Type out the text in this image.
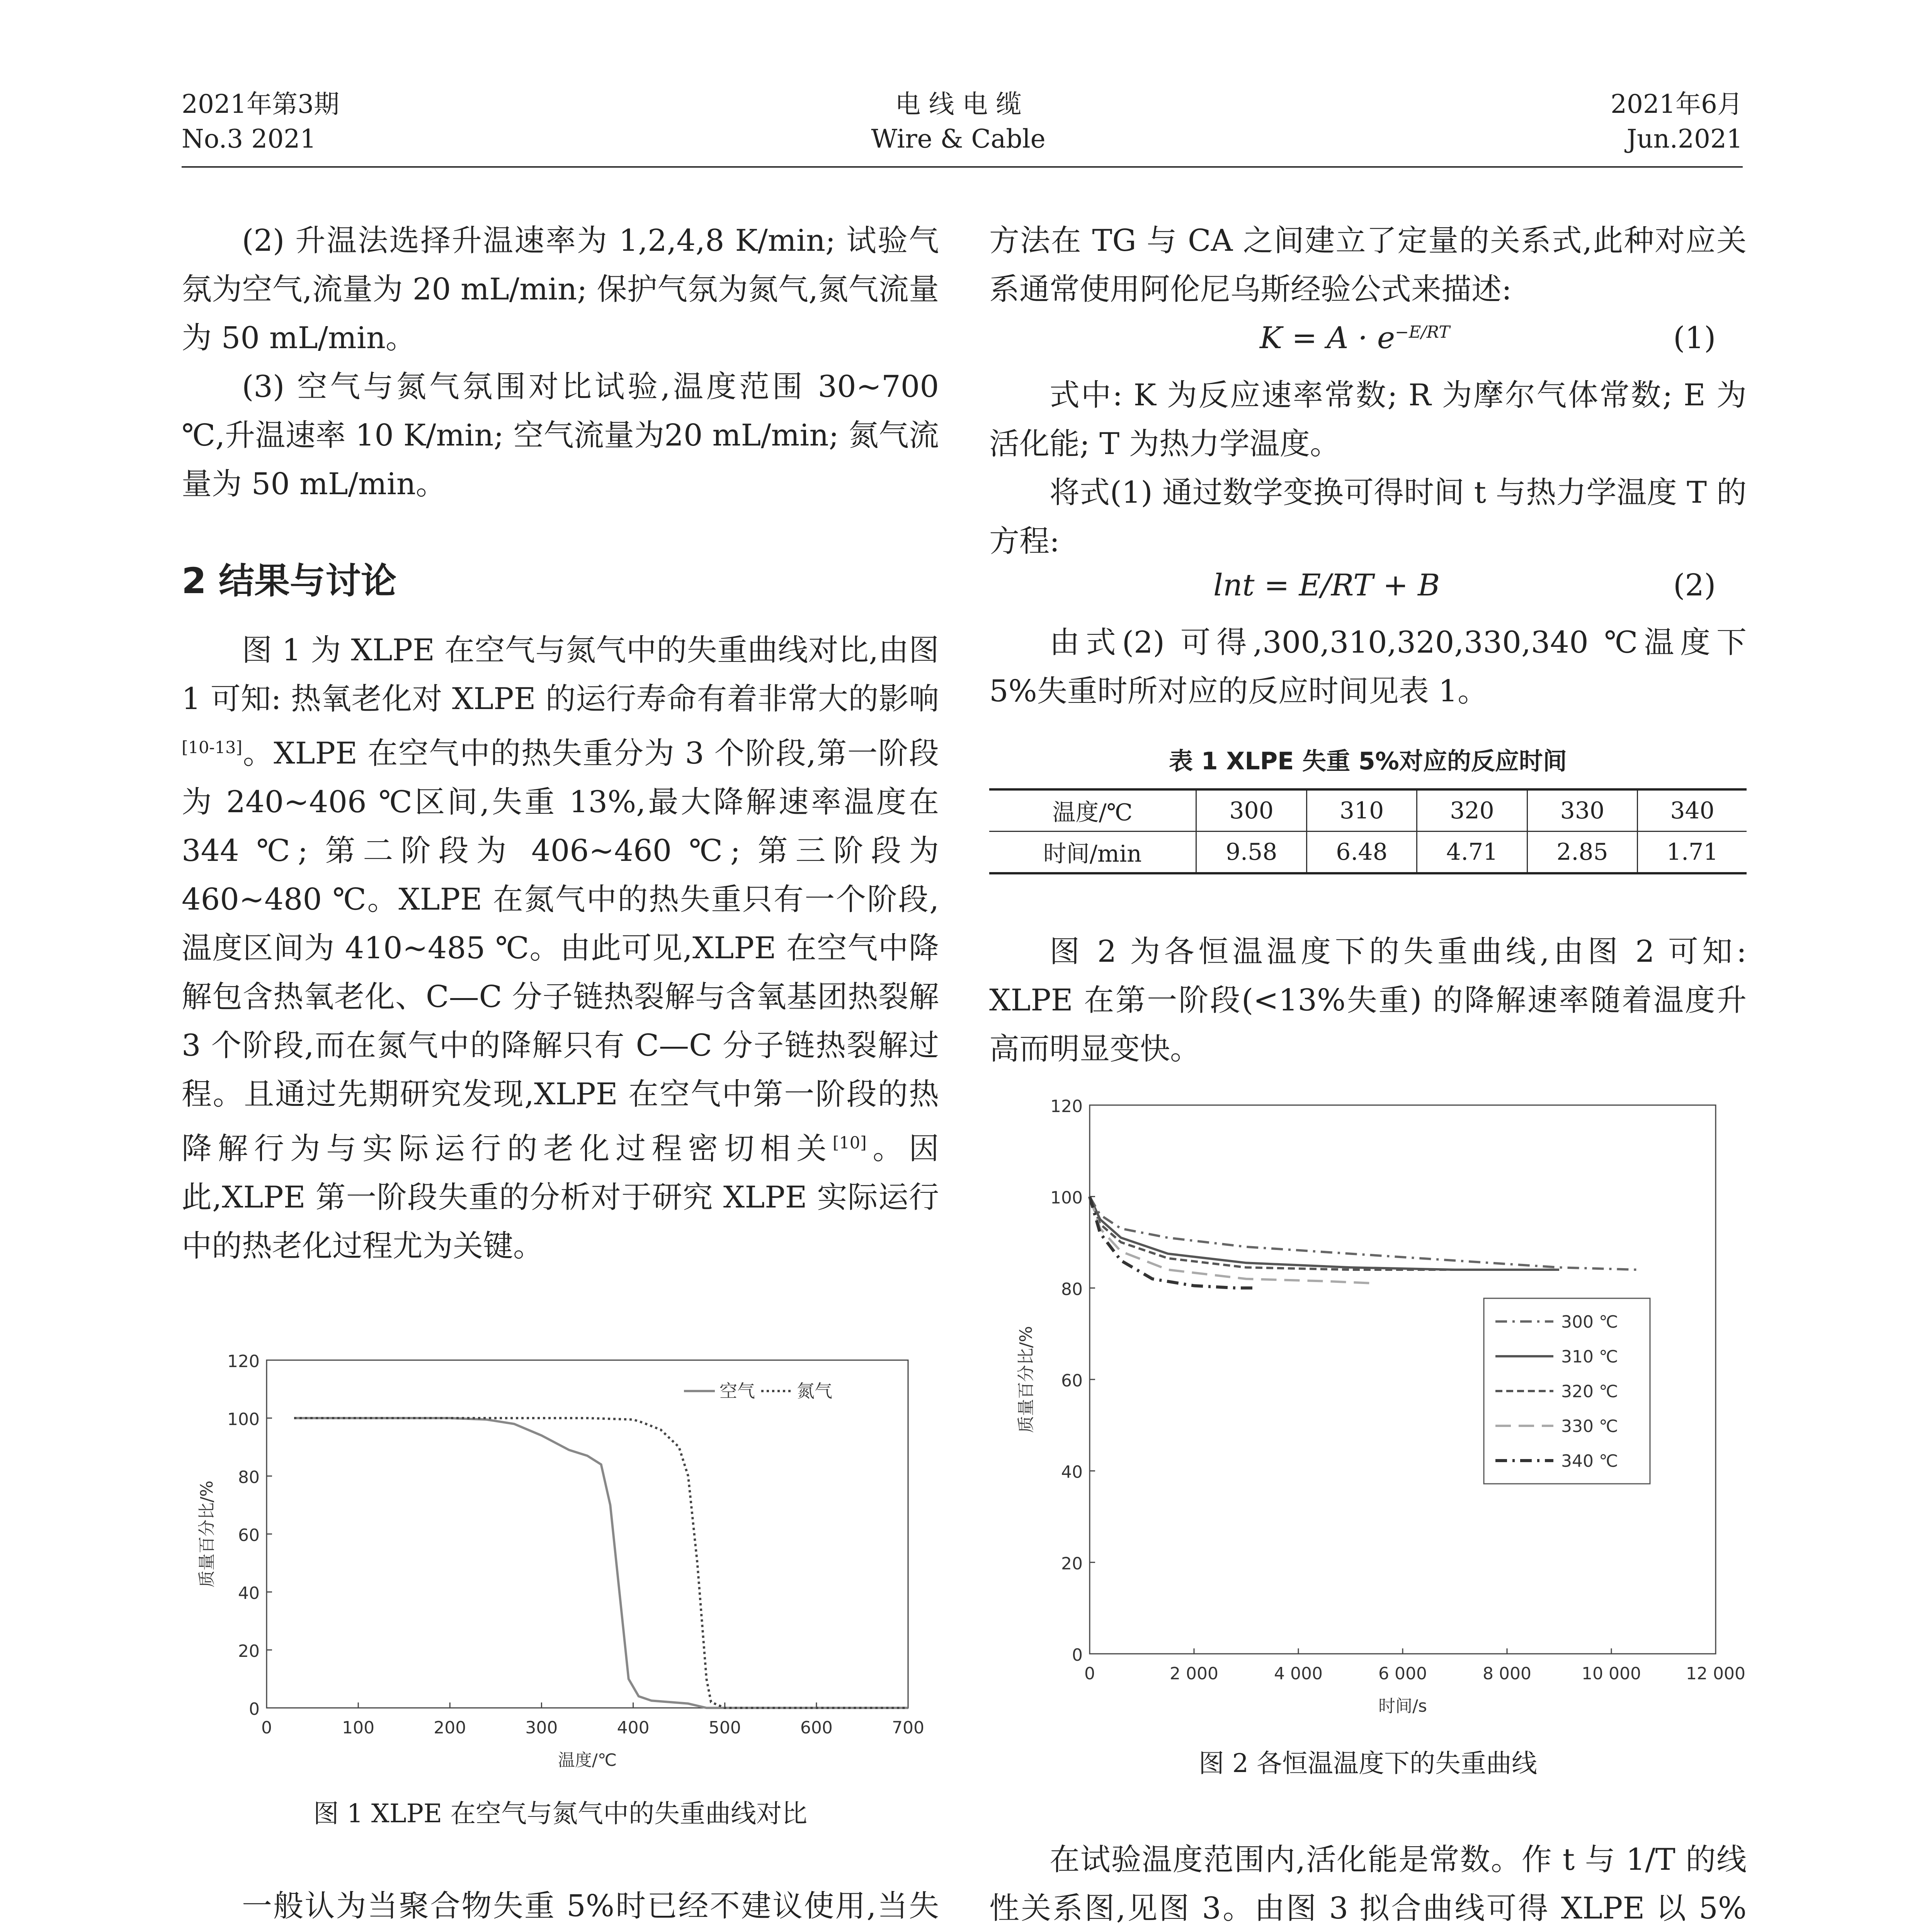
2021年第3期
No.3 2021
电 线 电 缆
Wire & Cable
2021年6月
Jun.2021

(2) 升温法选择升温速率为 1,2,4,8 K/min; 试验气氛为空气,流量为 20 mL/min; 保护气氛为氮气,氮气流量为 50 mL/min。

(3) 空气与氮气氛围对比试验,温度范围 30~700 ℃,升温速率 10 K/min; 空气流量为20 mL/min; 氮气流量为 50 mL/min。

2 结果与讨论

图 1 为 XLPE 在空气与氮气中的失重曲线对比,由图 1 可知: 热氧老化对 XLPE 的运行寿命有着非常大的影响[10-13]。XLPE 在空气中的热失重分为 3 个阶段,第一阶段为 240~406 ℃区间,失重 13%,最大降解速率温度在 344 ℃; 第二阶段为 406~460 ℃; 第三阶段为 460~480 ℃。XLPE 在氮气中的热失重只有一个阶段,温度区间为 410~485 ℃。由此可见,XLPE 在空气中降解包含热氧老化、C—C 分子链热裂解与含氧基团热裂解 3 个阶段,而在氮气中的降解只有 C—C 分子链热裂解过程。且通过先期研究发现,XLPE 在空气中第一阶段的热降解行为与实际运行的老化过程密切相关[10]。因此,XLPE 第一阶段失重的分析对于研究 XLPE 实际运行中的热老化过程尤为关键。

0
20
40
60
80
100
120
0	100	200	300	400	500	600	700
温度/℃
质量百分比/%
空气 氮气
图 1 XLPE 在空气与氮气中的失重曲线对比

一般认为当聚合物失重 5%时已经不建议使用,当失

方法在 TG 与 CA 之间建立了定量的关系式,此种对应关系通常使用阿伦尼乌斯经验公式来描述:

$K = A \cdot e^{-E/RT}$	(1)

式中: K 为反应速率常数; R 为摩尔气体常数; E 为活化能; T 为热力学温度。

将式(1) 通过数学变换可得时间 t 与热力学温度 T 的方程:

lnt = E/RT + B	(2)

由式(2) 可得,300,310,320,330,340 ℃温度下 5%失重时所对应的反应时间见表 1。

表 1 XLPE 失重 5%对应的反应时间
温度/℃	300	310	320	330	340
时间/min	9.58	6.48	4.71	2.85	1.71

图 2 为各恒温温度下的失重曲线,由图 2 可知: XLPE 在第一阶段(<13%失重) 的降解速率随着温度升高而明显变快。

0
20
40
60
80
100
120
0	2 000	4 000	6 000	8 000	10 000	12 000
时间/s
质量百分比/%
300 ℃
310 ℃
320 ℃
330 ℃
340 ℃
图 2 各恒温温度下的失重曲线

在试验温度范围内,活化能是常数。作 t 与 1/T 的线性关系图,见图 3。由图 3 拟合曲线可得 XLPE 以 5%
